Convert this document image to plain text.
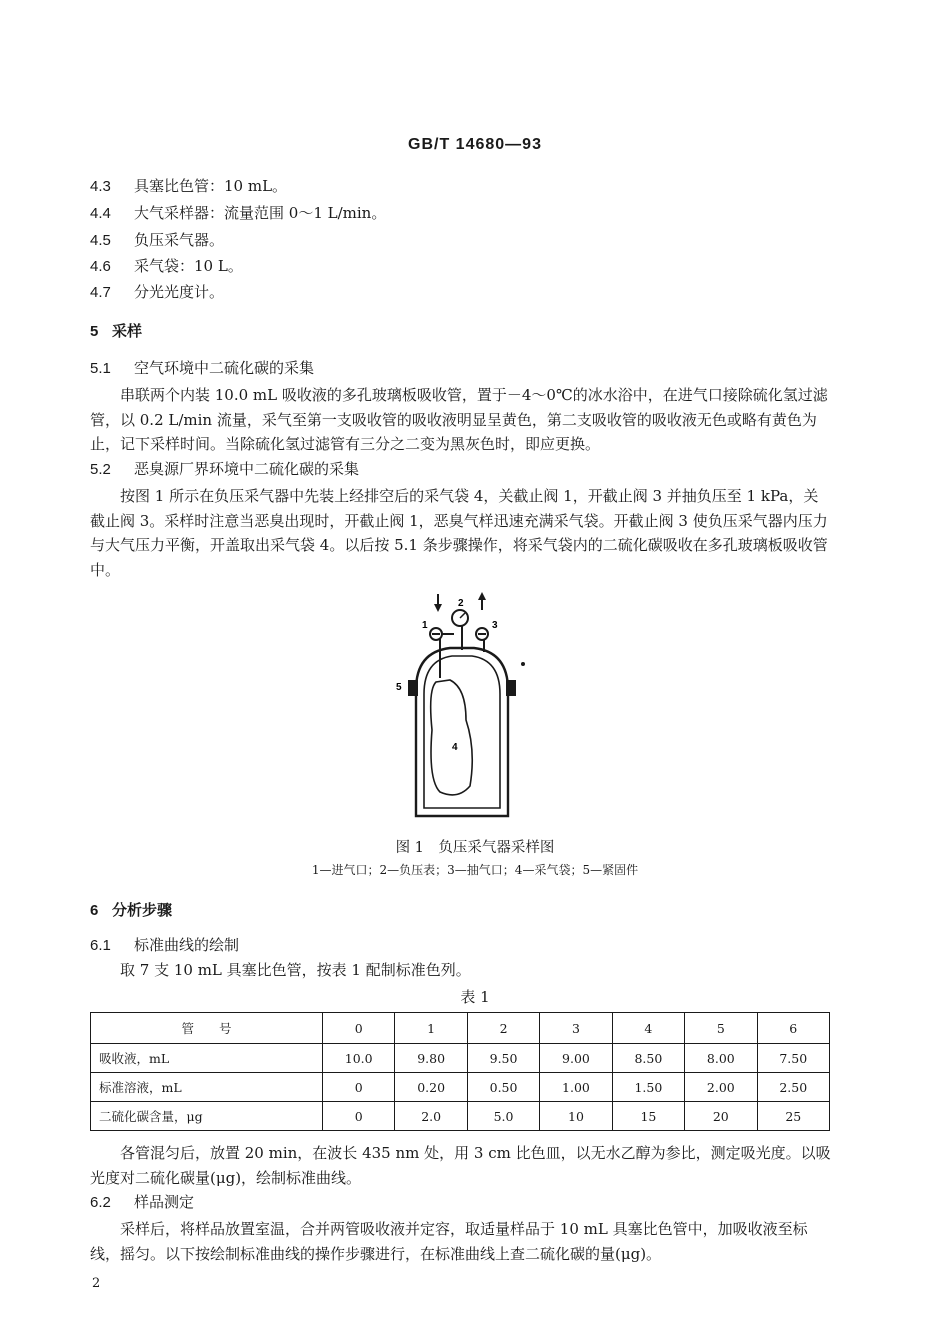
GB/T 14680—93
4.3 具塞比色管：10 mL。
4.4 大气采样器：流量范围 0～1 L/min。
4.5 负压采气器。
4.6 采气袋：10 L。
4.7 分光光度计。
5 采样
5.1 空气环境中二硫化碳的采集
串联两个内装 10.0 mL 吸收液的多孔玻璃板吸收管，置于－4～0℃的冰水浴中，在进气口接除硫化氢过滤管，以 0.2 L/min 流量，采气至第一支吸收管的吸收液明显呈黄色，第二支吸收管的吸收液无色或略有黄色为止，记下采样时间。当除硫化氢过滤管有三分之二变为黑灰色时，即应更换。
5.2 恶臭源厂界环境中二硫化碳的采集
按图 1 所示在负压采气器中先装上经排空后的采气袋 4，关截止阀 1，开截止阀 3 并抽负压至 1 kPa，关截止阀 3。采样时注意当恶臭出现时，开截止阀 1，恶臭气样迅速充满采气袋。开截止阀 3 使负压采气器内压力与大气压力平衡，开盖取出采气袋 4。以后按 5.1 条步骤操作，将采气袋内的二硫化碳吸收在多孔玻璃板吸收管中。
1
2
3
4
5
图 1　负压采气器采样图
1—进气口；2—负压表；3—抽气口；4—采气袋；5—紧固件
6 分析步骤
6.1 标准曲线的绘制
取 7 支 10 mL 具塞比色管，按表 1 配制标准色列。
表 1
管　　号	0	1	2	3	4	5	6
吸收液，mL	10.0	9.80	9.50	9.00	8.50	8.00	7.50
标准溶液，mL	0	0.20	0.50	1.00	1.50	2.00	2.50
二硫化碳含量，μg	0	2.0	5.0	10	15	20	25
各管混匀后，放置 20 min，在波长 435 nm 处，用 3 cm 比色皿，以无水乙醇为参比，测定吸光度。以吸光度对二硫化碳量(μg)，绘制标准曲线。
6.2 样品测定
采样后，将样品放置室温，合并两管吸收液并定容，取适量样品于 10 mL 具塞比色管中，加吸收液至标线，摇匀。以下按绘制标准曲线的操作步骤进行，在标准曲线上查二硫化碳的量(μg)。
2
